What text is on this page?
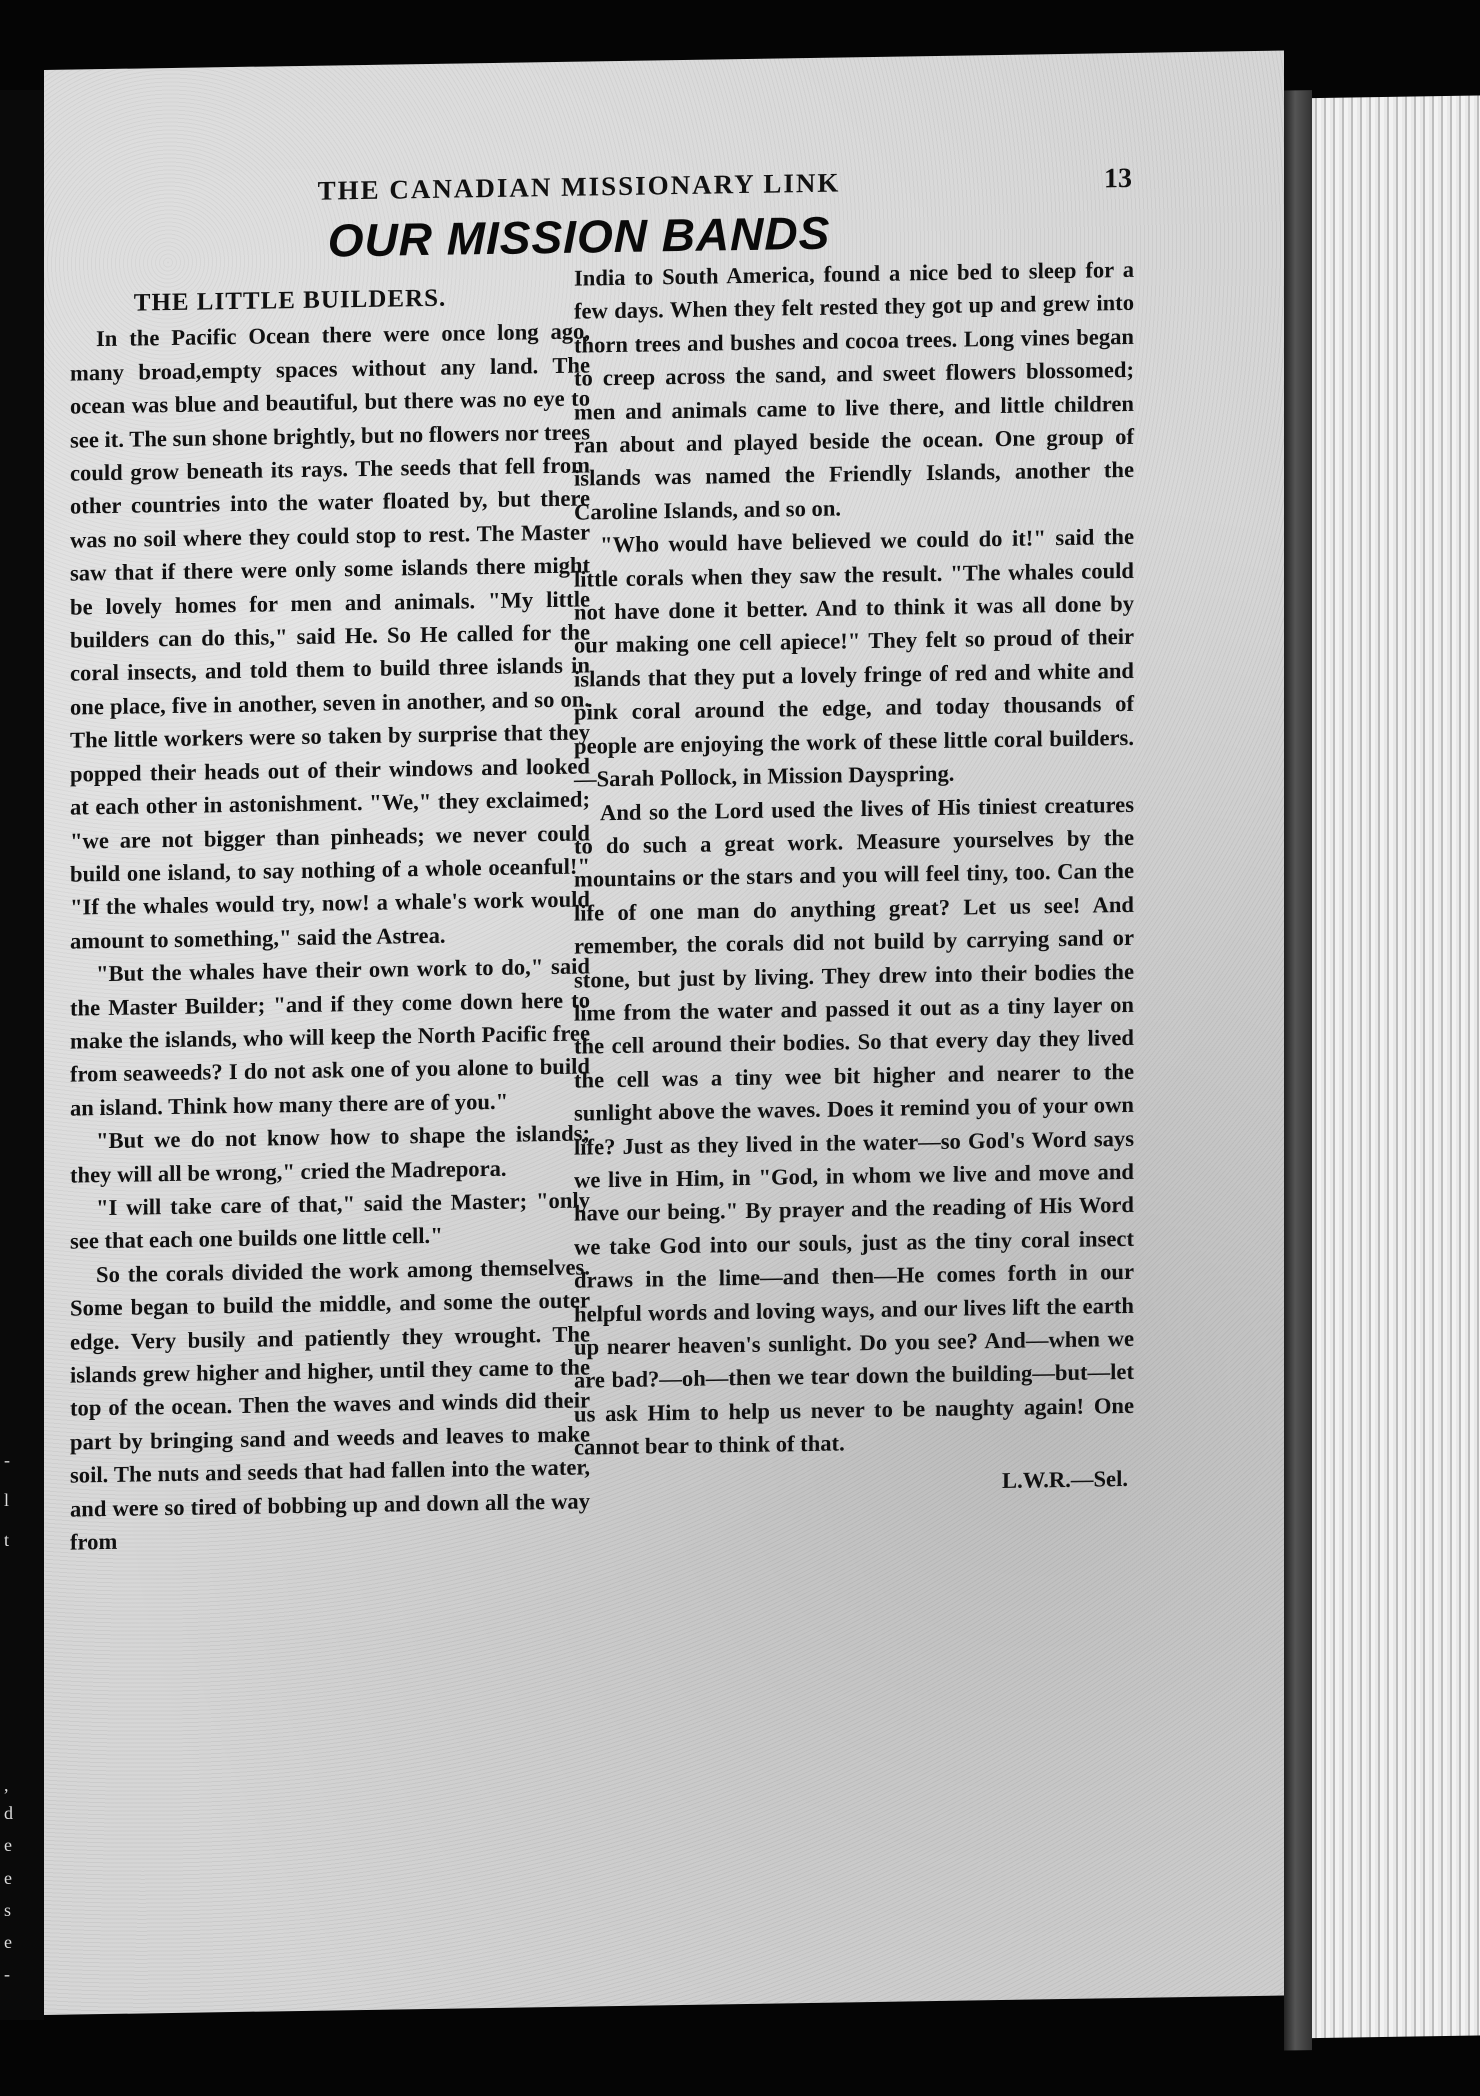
-
t
l
,
d
e
e
s
e
-
THE CANADIAN MISSIONARY LINK	13
OUR MISSION BANDS
THE LITTLE BUILDERS.

In the Pacific Ocean there were once long ago, many broad,empty spaces without any land. The ocean was blue and beautiful, but there was no eye to see it. The sun shone brightly, but no flowers nor trees could grow beneath its rays. The seeds that fell from other countries into the water floated by, but there was no soil where they could stop to rest. The Master saw that if there were only some islands there might be lovely homes for men and animals. "My little builders can do this," said He. So He called for the coral insects, and told them to build three islands in one place, five in another, seven in another, and so on. The little workers were so taken by surprise that they popped their heads out of their windows and looked at each other in astonishment. "We," they exclaimed; "we are not bigger than pinheads; we never could build one island, to say nothing of a whole oceanful!" "If the whales would try, now! a whale's work would amount to something," said the Astrea.

"But the whales have their own work to do," said the Master Builder; "and if they come down here to make the islands, who will keep the North Pacific free from seaweeds? I do not ask one of you alone to build an island. Think how many there are of you."

"But we do not know how to shape the islands; they will all be wrong," cried the Madrepora.

"I will take care of that," said the Master; "only see that each one builds one little cell."

So the corals divided the work among themselves. Some began to build the middle, and some the outer edge. Very busily and patiently they wrought. The islands grew higher and higher, until they came to the top of the ocean. Then the waves and winds did their part by bringing sand and weeds and leaves to make soil. The nuts and seeds that had fallen into the water, and were so tired of bobbing up and down all the way from

India to South America, found a nice bed to sleep for a few days. When they felt rested they got up and grew into thorn trees and bushes and cocoa trees. Long vines began to creep across the sand, and sweet flowers blossomed; men and animals came to live there, and little children ran about and played beside the ocean. One group of islands was named the Friendly Islands, another the Caroline Islands, and so on.

"Who would have believed we could do it!" said the little corals when they saw the result. "The whales could not have done it better. And to think it was all done by our making one cell apiece!" They felt so proud of their islands that they put a lovely fringe of red and white and pink coral around the edge, and today thousands of people are enjoying the work of these little coral builders.—Sarah Pollock, in Mission Dayspring.

And so the Lord used the lives of His tiniest creatures to do such a great work. Measure yourselves by the mountains or the stars and you will feel tiny, too. Can the life of one man do anything great? Let us see! And remember, the corals did not build by carrying sand or stone, but just by living. They drew into their bodies the lime from the water and passed it out as a tiny layer on the cell around their bodies. So that every day they lived the cell was a tiny wee bit higher and nearer to the sunlight above the waves. Does it remind you of your own life? Just as they lived in the water—so God's Word says we live in Him, in "God, in whom we live and move and have our being." By prayer and the reading of His Word we take God into our souls, just as the tiny coral insect draws in the lime—and then—He comes forth in our helpful words and loving ways, and our lives lift the earth up nearer heaven's sunlight. Do you see? And—when we are bad?—oh—then we tear down the building—but—let us ask Him to help us never to be naughty again! One cannot bear to think of that.

L.W.R.—Sel.
